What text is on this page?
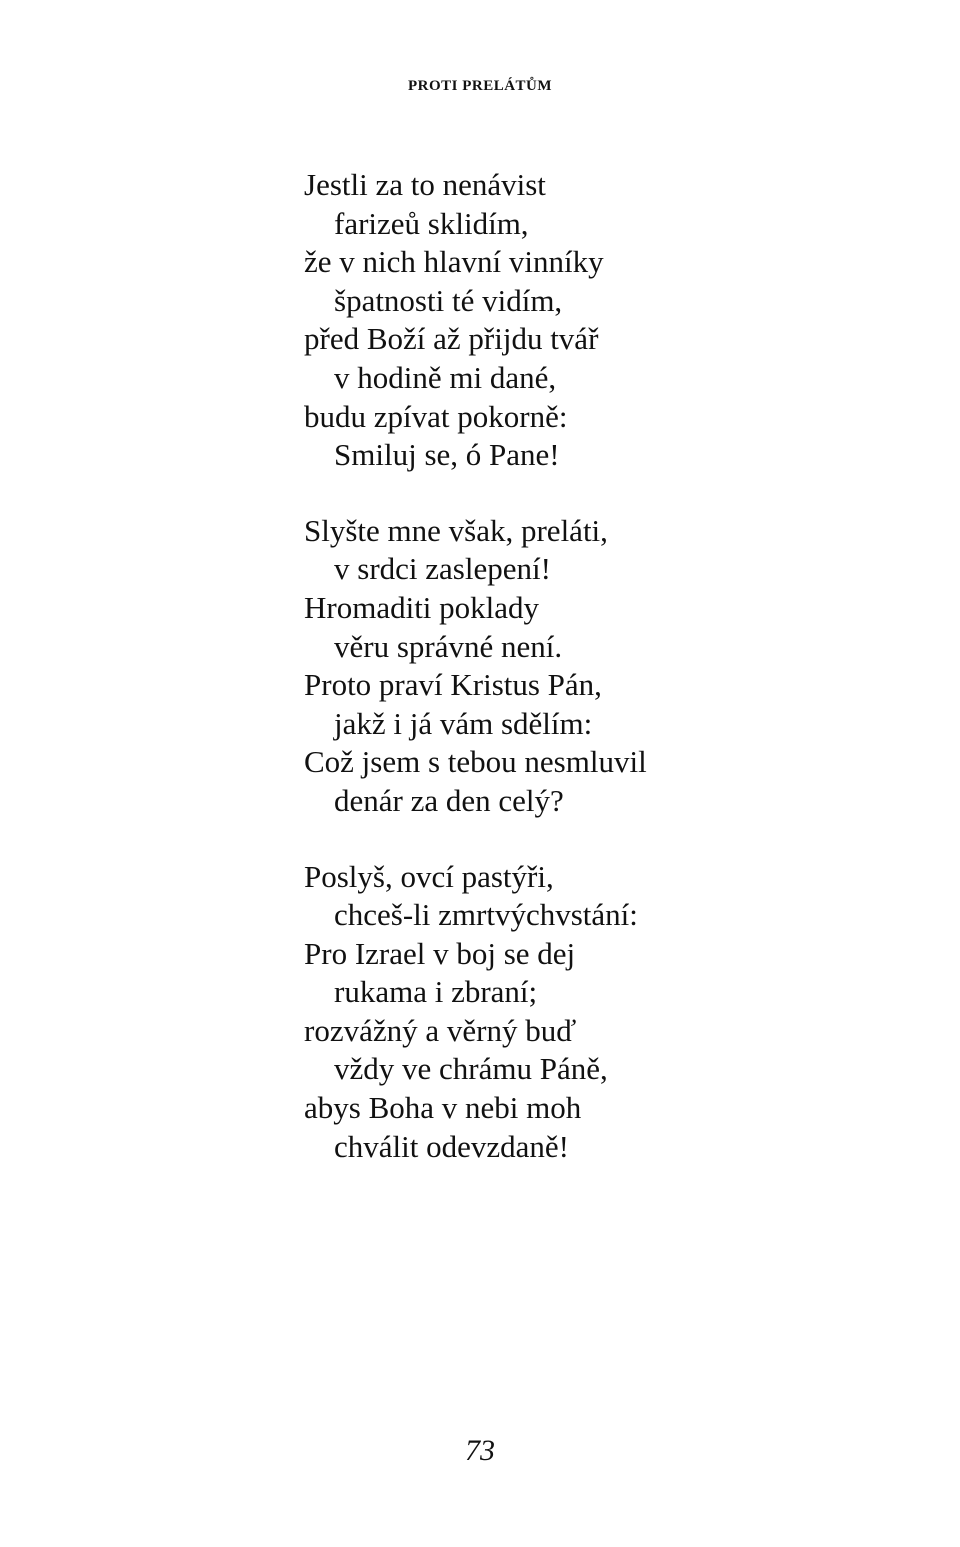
PROTI PRELÁTŮM
Jestli za to nenávist
farizeů sklidím,
že v nich hlavní vinníky
špatnosti té vidím,
před Boží až přijdu tvář
v hodině mi dané,
budu zpívat pokorně:
Smiluj se, ó Pane!
Slyšte mne však, preláti,
v srdci zaslepení!
Hromaditi poklady
věru správné není.
Proto praví Kristus Pán,
jakž i já vám sdělím:
Což jsem s tebou nesmluvil
denár za den celý?
Poslyš, ovcí pastýři,
chceš-li zmrtvýchvstání:
Pro Izrael v boj se dej
rukama i zbraní;
rozvážný a věrný buď
vždy ve chrámu Páně,
abys Boha v nebi moh
chválit odevzdaně!
73
